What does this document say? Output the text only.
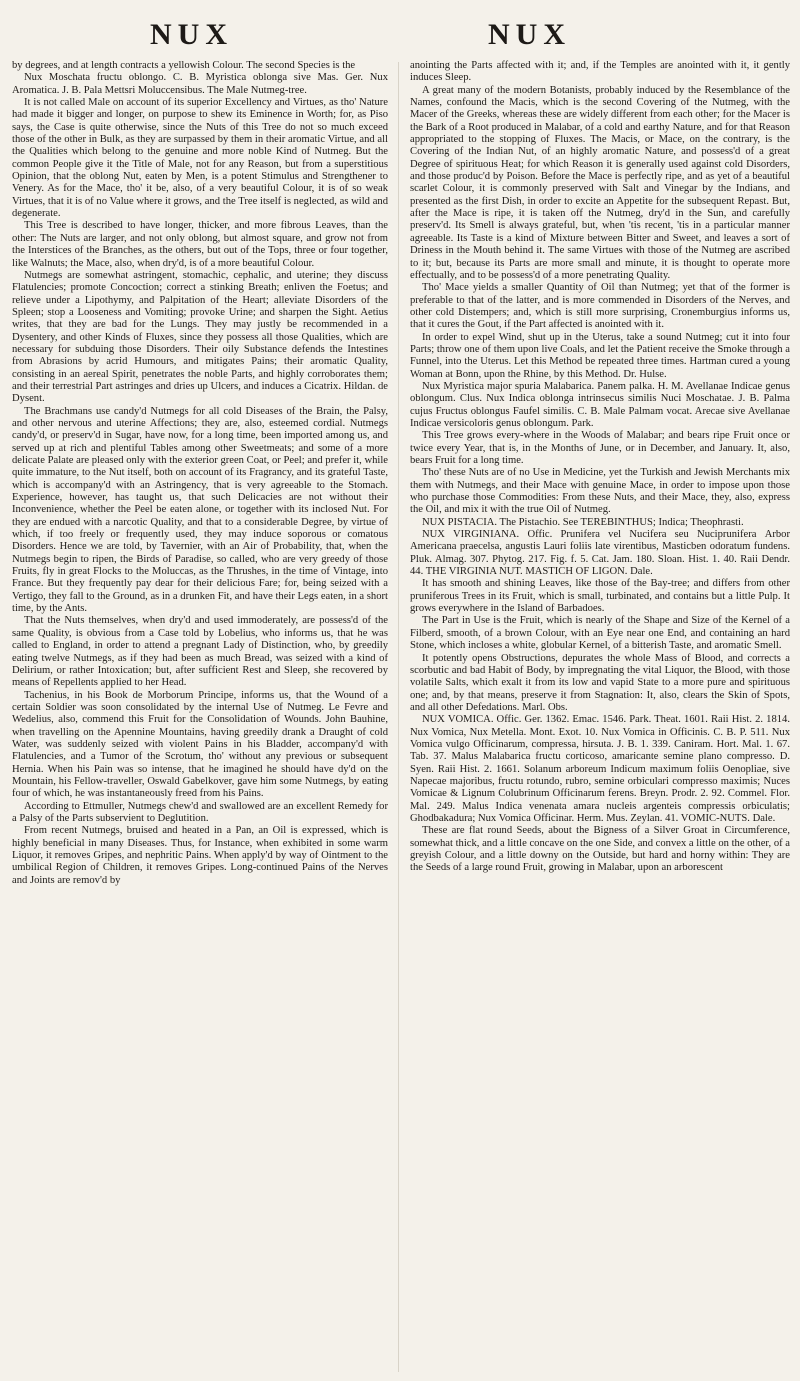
NUX	NUX

by degrees, and at length contracts a yellowish Colour. The second Species is the

Nux Moschata fructu oblongo. C. B. Myristica oblonga sive Mas. Ger. Nux Aromatica. J. B. Pala Mettsri Moluccensibus. The Male Nutmeg-tree.

It is not called Male on account of its superior Excellency and Virtues, as tho' Nature had made it bigger and longer, on purpose to shew its Eminence in Worth; for, as Piso says, the Case is quite otherwise, since the Nuts of this Tree do not so much exceed those of the other in Bulk, as they are surpassed by them in their aromatic Virtue, and all the Qualities which belong to the genuine and more noble Kind of Nutmeg. But the common People give it the Title of Male, not for any Reason, but from a superstitious Opinion, that the oblong Nut, eaten by Men, is a potent Stimulus and Strengthener to Venery. As for the Mace, tho' it be, also, of a very beautiful Colour, it is of so weak Virtues, that it is of no Value where it grows, and the Tree itself is neglected, as wild and degenerate.

This Tree is described to have longer, thicker, and more fibrous Leaves, than the other: The Nuts are larger, and not only oblong, but almost square, and grow not from the Interstices of the Branches, as the others, but out of the Tops, three or four together, like Walnuts; the Mace, also, when dry'd, is of a more beautiful Colour.

Nutmegs are somewhat astringent, stomachic, cephalic, and uterine; they discuss Flatulencies; promote Concoction; correct a stinking Breath; enliven the Foetus; and relieve under a Lipothymy, and Palpitation of the Heart; alleviate Disorders of the Spleen; stop a Looseness and Vomiting; provoke Urine; and sharpen the Sight. Aetius writes, that they are bad for the Lungs. They may justly be recommended in a Dysentery, and other Kinds of Fluxes, since they possess all those Qualities, which are necessary for subduing those Disorders. Their oily Substance defends the Intestines from Abrasions by acrid Humours, and mitigates Pains; their aromatic Quality, consisting in an aereal Spirit, penetrates the noble Parts, and highly corroborates them; and their terrestrial Part astringes and dries up Ulcers, and induces a Cicatrix. Hildan. de Dysent.

The Brachmans use candy'd Nutmegs for all cold Diseases of the Brain, the Palsy, and other nervous and uterine Affections; they are, also, esteemed cordial. Nutmegs candy'd, or preserv'd in Sugar, have now, for a long time, been imported among us, and served up at rich and plentiful Tables among other Sweetmeats; and some of a more delicate Palate are pleased only with the exterior green Coat, or Peel; and prefer it, while quite immature, to the Nut itself, both on account of its Fragrancy, and its grateful Taste, which is accompany'd with an Astringency, that is very agreeable to the Stomach. Experience, however, has taught us, that such Delicacies are not without their Inconvenience, whether the Peel be eaten alone, or together with its inclosed Nut. For they are endued with a narcotic Quality, and that to a considerable Degree, by virtue of which, if too freely or frequently used, they may induce soporous or comatous Disorders. Hence we are told, by Tavernier, with an Air of Probability, that, when the Nutmegs begin to ripen, the Birds of Paradise, so called, who are very greedy of those Fruits, fly in great Flocks to the Moluccas, as the Thrushes, in the time of Vintage, into France. But they frequently pay dear for their delicious Fare; for, being seized with a Vertigo, they fall to the Ground, as in a drunken Fit, and have their Legs eaten, in a short time, by the Ants.

That the Nuts themselves, when dry'd and used immoderately, are possess'd of the same Quality, is obvious from a Case told by Lobelius, who informs us, that he was called to England, in order to attend a pregnant Lady of Distinction, who, by greedily eating twelve Nutmegs, as if they had been as much Bread, was seized with a kind of Delirium, or rather Intoxication; but, after sufficient Rest and Sleep, she recovered by means of Repellents applied to her Head.

Tachenius, in his Book de Morborum Principe, informs us, that the Wound of a certain Soldier was soon consolidated by the internal Use of Nutmeg. Le Fevre and Wedelius, also, commend this Fruit for the Consolidation of Wounds. John Bauhine, when travelling on the Apennine Mountains, having greedily drank a Draught of cold Water, was suddenly seized with violent Pains in his Bladder, accompany'd with Flatulencies, and a Tumor of the Scrotum, tho' without any previous or subsequent Hernia. When his Pain was so intense, that he imagined he should have dy'd on the Mountain, his Fellow-traveller, Oswald Gabelkover, gave him some Nutmegs, by eating four of which, he was instantaneously freed from his Pains.

According to Ettmuller, Nutmegs chew'd and swallowed are an excellent Remedy for a Palsy of the Parts subservient to Deglutition.

From recent Nutmegs, bruised and heated in a Pan, an Oil is expressed, which is highly beneficial in many Diseases. Thus, for Instance, when exhibited in some warm Liquor, it removes Gripes, and nephritic Pains. When apply'd by way of Ointment to the umbilical Region of Children, it removes Gripes. Long-continued Pains of the Nerves and Joints are remov'd by

anointing the Parts affected with it; and, if the Temples are anointed with it, it gently induces Sleep.

A great many of the modern Botanists, probably induced by the Resemblance of the Names, confound the Macis, which is the second Covering of the Nutmeg, with the Macer of the Greeks, whereas these are widely different from each other; for the Macer is the Bark of a Root produced in Malabar, of a cold and earthy Nature, and for that Reason appropriated to the stopping of Fluxes. The Macis, or Mace, on the contrary, is the Covering of the Indian Nut, of an highly aromatic Nature, and possess'd of a great Degree of spirituous Heat; for which Reason it is generally used against cold Disorders, and those produc'd by Poison. Before the Mace is perfectly ripe, and as yet of a beautiful scarlet Colour, it is commonly preserved with Salt and Vinegar by the Indians, and presented as the first Dish, in order to excite an Appetite for the subsequent Repast. But, after the Mace is ripe, it is taken off the Nutmeg, dry'd in the Sun, and carefully preserv'd. Its Smell is always grateful, but, when 'tis recent, 'tis in a particular manner agreeable. Its Taste is a kind of Mixture between Bitter and Sweet, and leaves a sort of Driness in the Mouth behind it. The same Virtues with those of the Nutmeg are ascribed to it; but, because its Parts are more small and minute, it is thought to operate more effectually, and to be possess'd of a more penetrating Quality.

Tho' Mace yields a smaller Quantity of Oil than Nutmeg; yet that of the former is preferable to that of the latter, and is more commended in Disorders of the Nerves, and other cold Distempers; and, which is still more surprising, Cronemburgius informs us, that it cures the Gout, if the Part affected is anointed with it.

In order to expel Wind, shut up in the Uterus, take a sound Nutmeg; cut it into four Parts; throw one of them upon live Coals, and let the Patient receive the Smoke through a Funnel, into the Uterus. Let this Method be repeated three times. Hartman cured a young Woman at Bonn, upon the Rhine, by this Method. Dr. Hulse.

Nux Myristica major spuria Malabarica. Panem palka. H. M. Avellanae Indicae genus oblongum. Clus. Nux Indica oblonga intrinsecus similis Nuci Moschatae. J. B. Palma cujus Fructus oblongus Faufel similis. C. B. Male Palmam vocat. Arecae sive Avellanae Indicae versicoloris genus oblongum. Park.

This Tree grows every-where in the Woods of Malabar; and bears ripe Fruit once or twice every Year, that is, in the Months of June, or in December, and January. It, also, bears Fruit for a long time.

Tho' these Nuts are of no Use in Medicine, yet the Turkish and Jewish Merchants mix them with Nutmegs, and their Mace with genuine Mace, in order to impose upon those who purchase those Commodities: From these Nuts, and their Mace, they, also, express the Oil, and mix it with the true Oil of Nutmeg.

NUX PISTACIA. The Pistachio. See TEREBINTHUS; Indica; Theophrasti.

NUX VIRGINIANA. Offic. Pruniferа vel Nucifera seu Nucipruniferа Arbor Americana praecelsa, angustis Lauri foliis late virentibus, Masticben odoratum fundens. Pluk. Almag. 307. Phytog. 217. Fig. f. 5. Cat. Jam. 180. Sloan. Hist. 1. 40. Raii Dendr. 44. THE VIRGINIA NUT. MASTICH OF LIGON. Dale.

It has smooth and shining Leaves, like those of the Bay-tree; and differs from other pruniferous Trees in its Fruit, which is small, turbinated, and contains but a little Pulp. It grows everywhere in the Island of Barbadoes.

The Part in Use is the Fruit, which is nearly of the Shape and Size of the Kernel of a Filberd, smooth, of a brown Colour, with an Eye near one End, and containing an hard Stone, which incloses a white, globular Kernel, of a bitterish Taste, and aromatic Smell.

It potently opens Obstructions, depurates the whole Mass of Blood, and corrects a scorbutic and bad Habit of Body, by impregnating the vital Liquor, the Blood, with those volatile Salts, which exalt it from its low and vapid State to a more pure and spirituous one; and, by that means, preserve it from Stagnation: It, also, clears the Skin of Spots, and all other Defedations. Marl. Obs.

NUX VOMICA. Offic. Ger. 1362. Emac. 1546. Park. Theat. 1601. Raii Hist. 2. 1814. Nux Vomica, Nux Metella. Mont. Exot. 10. Nux Vomica in Officinis. C. B. P. 511. Nux Vomica vulgo Officinarum, compressa, hirsuta. J. B. 1. 339. Caniram. Hort. Mal. 1. 67. Tab. 37. Malus Malabarica fructu corticoso, amaricante semine plano compresso. D. Syen. Raii Hist. 2. 1661. Solanum arboreum Indicum maximum foliis Oenopliae, sive Napecae majoribus, fructu rotundo, rubro, semine orbiculari compresso maximis; Nuces Vomicae & Lignum Colubrinum Officinarum ferens. Breyn. Prodr. 2. 92. Commel. Flor. Mal. 249. Malus Indica venenata amara nucleis argenteis compressis orbiculatis; Ghodbakadura; Nux Vomica Officinar. Herm. Mus. Zeylan. 41. VOMIC-NUTS. Dale.

These are flat round Seeds, about the Bigness of a Silver Groat in Circumference, somewhat thick, and a little concave on the one Side, and convex a little on the other, of a greyish Colour, and a little downy on the Outside, but hard and horny within: They are the Seeds of a large round Fruit, growing in Malabar, upon an arborescent
